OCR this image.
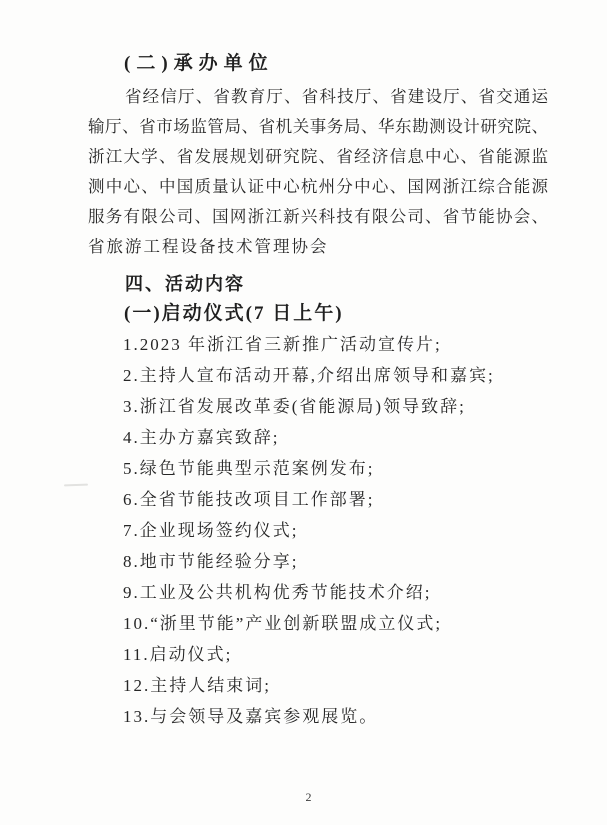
(二)承办单位
省经信厅、省教育厅、省科技厅、省建设厅、省交通运
输厅、省市场监管局、省机关事务局、华东勘测设计研究院、
浙江大学、省发展规划研究院、省经济信息中心、省能源监
测中心、中国质量认证中心杭州分中心、国网浙江综合能源
服务有限公司、国网浙江新兴科技有限公司、省节能协会、
省旅游工程设备技术管理协会
四、活动内容
(一)启动仪式(7 日上午)
1.2023 年浙江省三新推广活动宣传片;
2.主持人宣布活动开幕,介绍出席领导和嘉宾;
3.浙江省发展改革委(省能源局)领导致辞;
4.主办方嘉宾致辞;
5.绿色节能典型示范案例发布;
6.全省节能技改项目工作部署;
7.企业现场签约仪式;
8.地市节能经验分享;
9.工业及公共机构优秀节能技术介绍;
10.“浙里节能”产业创新联盟成立仪式;
11.启动仪式;
12.主持人结束词;
13.与会领导及嘉宾参观展览。
2
